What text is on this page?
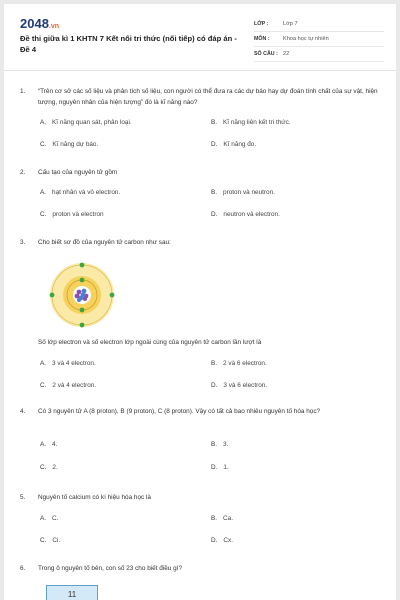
2048.vn
Đề thi giữa kì 1 KHTN 7 Kết nối tri thức (nối tiếp) có đáp án - Đề 4
LỚP :	Lớp 7
MÔN :	Khoa học tự nhiên
SỐ CÂU : 22
1. “Trên cơ sở các số liệu và phân tích số liệu, con người có thể đưa ra các dự báo hay dự đoán tính chất của sự vật, hiện tượng, nguyên nhân của hiện tượng” đó là kĩ năng nào?
A. Kĩ năng quan sát, phân loại.	B. Kĩ năng liên kết tri thức.
C. Kĩ năng dự báo.	D. Kĩ năng đo.
2. Cấu tạo của nguyên tử gồm
A. hạt nhân và vỏ electron.	B. proton và neutron.
C. proton và electron	D. neutron và electron.
3. Cho biết sơ đồ của nguyên tử carbon như sau:
Số lớp electron và số electron lớp ngoài cùng của nguyên tử carbon lần lượt là
A. 3 và 4 electron.	B. 2 và 6 electron.
C. 2 và 4 electron.	D. 3 và 6 electron.
4. Có 3 nguyên tử A (8 proton), B (9 proton), C (8 proton). Vậy có tất cả bao nhiêu nguyên tố hóa học?
A. 4.	B. 3.
C. 2.	D. 1.
5. Nguyên tố calcium có kí hiệu hóa học là
A. C.	B. Ca.
C. Ci.	D. Cx.
6. Trong ô nguyên tố bên, con số 23 cho biết điều gì?
11
